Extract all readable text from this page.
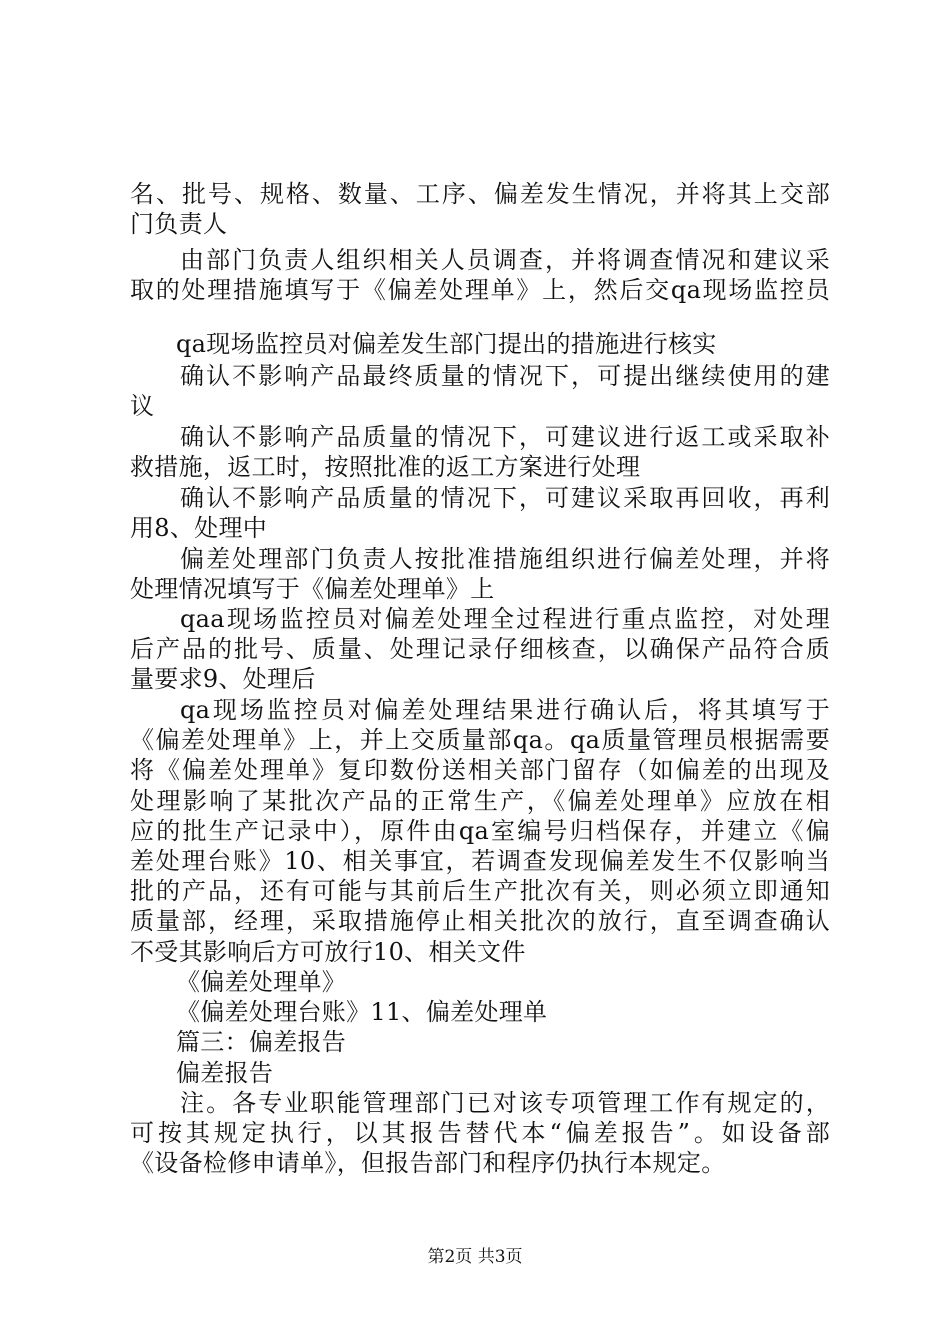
名、批号、规格、数量、工序、偏差发生情况，并将其上交部
门负责人
由部门负责人组织相关人员调查，并将调查情况和建议采
取的处理措施填写于《偏差处理单》上，然后交qa现场监控员
qa现场监控员对偏差发生部门提出的措施进行核实
确认不影响产品最终质量的情况下，可提出继续使用的建
议
确认不影响产品质量的情况下，可建议进行返工或采取补
救措施，返工时，按照批准的返工方案进行处理
确认不影响产品质量的情况下，可建议采取再回收，再利
用8、处理中
偏差处理部门负责人按批准措施组织进行偏差处理，并将
处理情况填写于《偏差处理单》上
qaa现场监控员对偏差处理全过程进行重点监控，对处理
后产品的批号、质量、处理记录仔细核查，以确保产品符合质
量要求9、处理后
qa现场监控员对偏差处理结果进行确认后，将其填写于
《偏差处理单》上，并上交质量部qa。qa质量管理员根据需要
将《偏差处理单》复印数份送相关部门留存（如偏差的出现及
处理影响了某批次产品的正常生产，《偏差处理单》应放在相
应的批生产记录中），原件由qa室编号归档保存，并建立《偏
差处理台账》10、相关事宜，若调查发现偏差发生不仅影响当
批的产品，还有可能与其前后生产批次有关，则必须立即通知
质量部，经理，采取措施停止相关批次的放行，直至调查确认
不受其影响后方可放行10、相关文件
《偏差处理单》
《偏差处理台账》11、偏差处理单
篇三：偏差报告
偏差报告
注。各专业职能管理部门已对该专项管理工作有规定的，
可按其规定执行，以其报告替代本“偏差报告”。如设备部
《设备检修申请单》，但报告部门和程序仍执行本规定。
第2页 共3页
